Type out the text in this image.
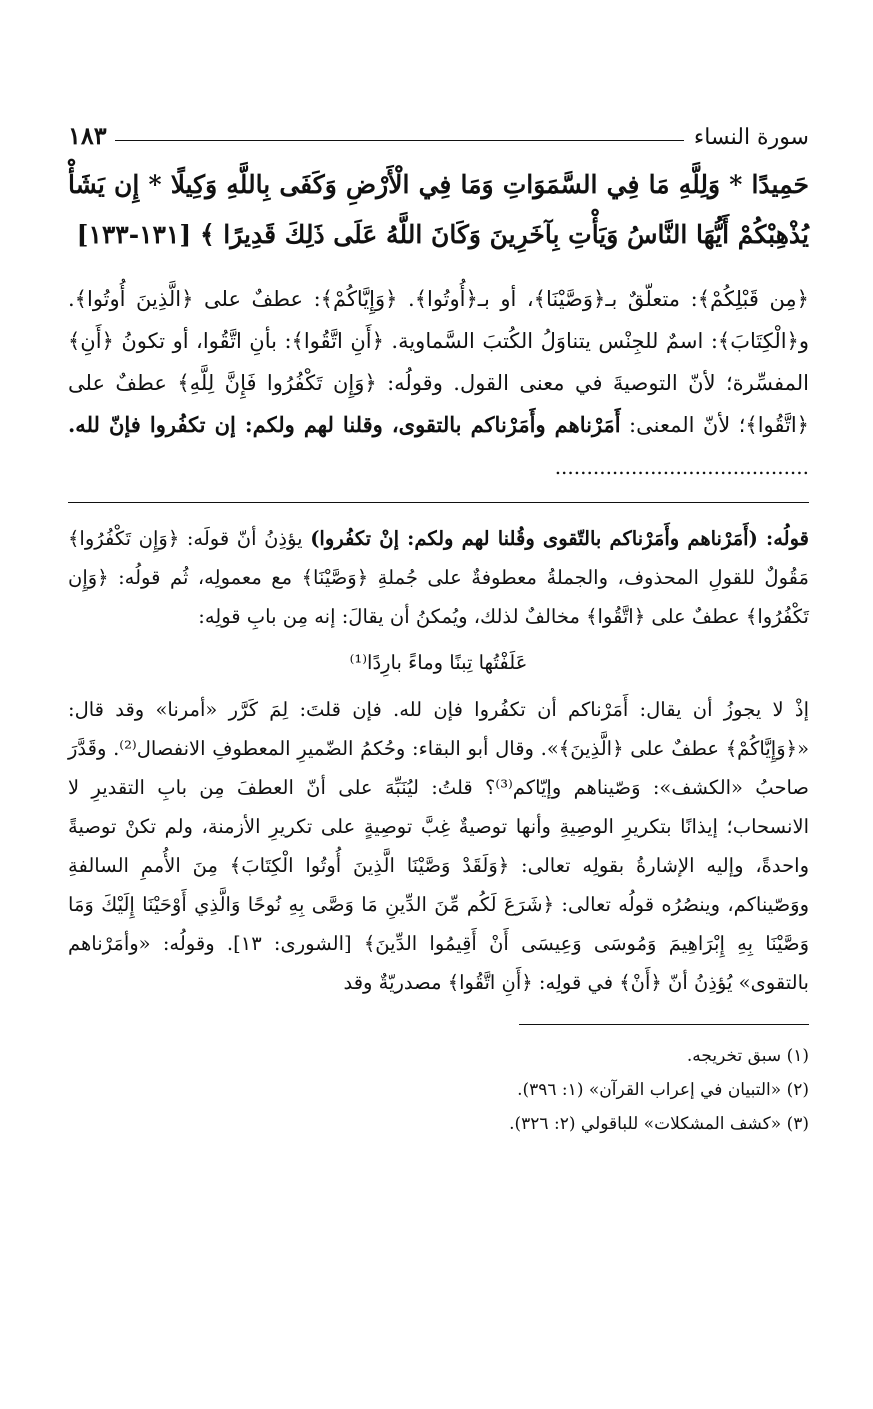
سورة النساء
١٨٣
حَمِيدًا * وَلِلَّهِ مَا فِي السَّمَوَاتِ وَمَا فِي الْأَرْضِ وَكَفَى بِاللَّهِ وَكِيلًا * إِن يَشَأْ يُذْهِبْكُمْ أَيُّهَا النَّاسُ وَيَأْتِ بِآخَرِينَ وَكَانَ اللَّهُ عَلَى ذَلِكَ قَدِيرًا ﴾ [١٣١-١٣٣]
﴿مِن قَبْلِكُمْ﴾: متعلّقٌ بـ﴿وَصَّيْنَا﴾، أو بـ﴿أُوتُوا﴾. ﴿وَإِيَّاكُمْ﴾: عطفٌ على ﴿الَّذِينَ أُوتُوا﴾. و﴿الْكِتَابَ﴾: اسمٌ للجِنْس يتناوَلُ الكُتبَ السَّماوية. ﴿أَنِ اتَّقُوا﴾: بأنِ اتَّقُوا، أو تكونُ ﴿أَنِ﴾ المفسِّرة؛ لأنّ التوصيةَ في معنى القول. وقولُه: ﴿وَإِن تَكْفُرُوا فَإِنَّ لِلَّهِ﴾ عطفٌ على ﴿اتَّقُوا﴾؛ لأنّ المعنى: أَمَرْناهم وأَمَرْناكم بالتقوى، وقلنا لهم ولكم: إن تكفُروا فإنّ لله. ........................................
قولُه: (أَمَرْناهم وأَمَرْناكم بالتّقوى وقُلنا لهم ولكم: إنْ تكفُروا) يؤذِنُ أنّ قولَه: ﴿وَإِن تَكْفُرُوا﴾ مَقُولٌ للقولِ المحذوف، والجملةُ معطوفةٌ على جُملةِ ﴿وَصَّيْنَا﴾ مع معمولِه، ثُم قولُه: ﴿وَإِن تَكْفُرُوا﴾ عطفٌ على ﴿اتَّقُوا﴾ مخالفٌ لذلك، ويُمكنُ أن يقالَ: إنه مِن بابِ قولِه:
عَلَفْتُها تِبنًا وماءً بارِدًا⁽¹⁾
إذْ لا يجوزُ أن يقال: أَمَرْناكم أن تكفُروا فإن لله. فإن قلتَ: لِمَ كَرَّر «أمرنا» وقد قال: «﴿وَإِيَّاكُمْ﴾ عطفٌ على ﴿الَّذِينَ﴾». وقال أبو البقاء: وحُكمُ الضّميرِ المعطوفِ الانفصال⁽²⁾. وقَدَّرَ صاحبُ «الكشف»: وَصّيناهم وإيّاكم⁽³⁾؟ قلتُ: ليُنَبِّهَ على أنّ العطفَ مِن بابِ التقديرِ لا الانسحاب؛ إيذانًا بتكريرِ الوصِيةِ وأنها توصيةٌ غِبَّ توصِيةٍ على تكريرِ الأزمنة، ولم تكنْ توصيةً واحدةً، وإليه الإشارةُ بقولِه تعالى: ﴿وَلَقَدْ وَصَّيْنَا الَّذِينَ أُوتُوا الْكِتَابَ﴾ مِنَ الأُممِ السالفةِ ووَصّيناكم، وينصُرُه قولُه تعالى: ﴿شَرَعَ لَكُم مِّنَ الدِّينِ مَا وَصَّى بِهِ نُوحًا وَالَّذِي أَوْحَيْنَا إِلَيْكَ وَمَا وَصَّيْنَا بِهِ إِبْرَاهِيمَ وَمُوسَى وَعِيسَى أَنْ أَقِيمُوا الدِّينَ﴾ [الشورى: ١٣]. وقولُه: «وأمَرْناهم بالتقوى» يُؤذِنُ أنّ ﴿أَنْ﴾ في قولِه: ﴿أَنِ اتَّقُوا﴾ مصدريّةٌ وقد
(١) سبق تخريجه.
(٢) «التبيان في إعراب القرآن» (١: ٣٩٦).
(٣) «كشف المشكلات» للباقولي (٢: ٣٢٦).
